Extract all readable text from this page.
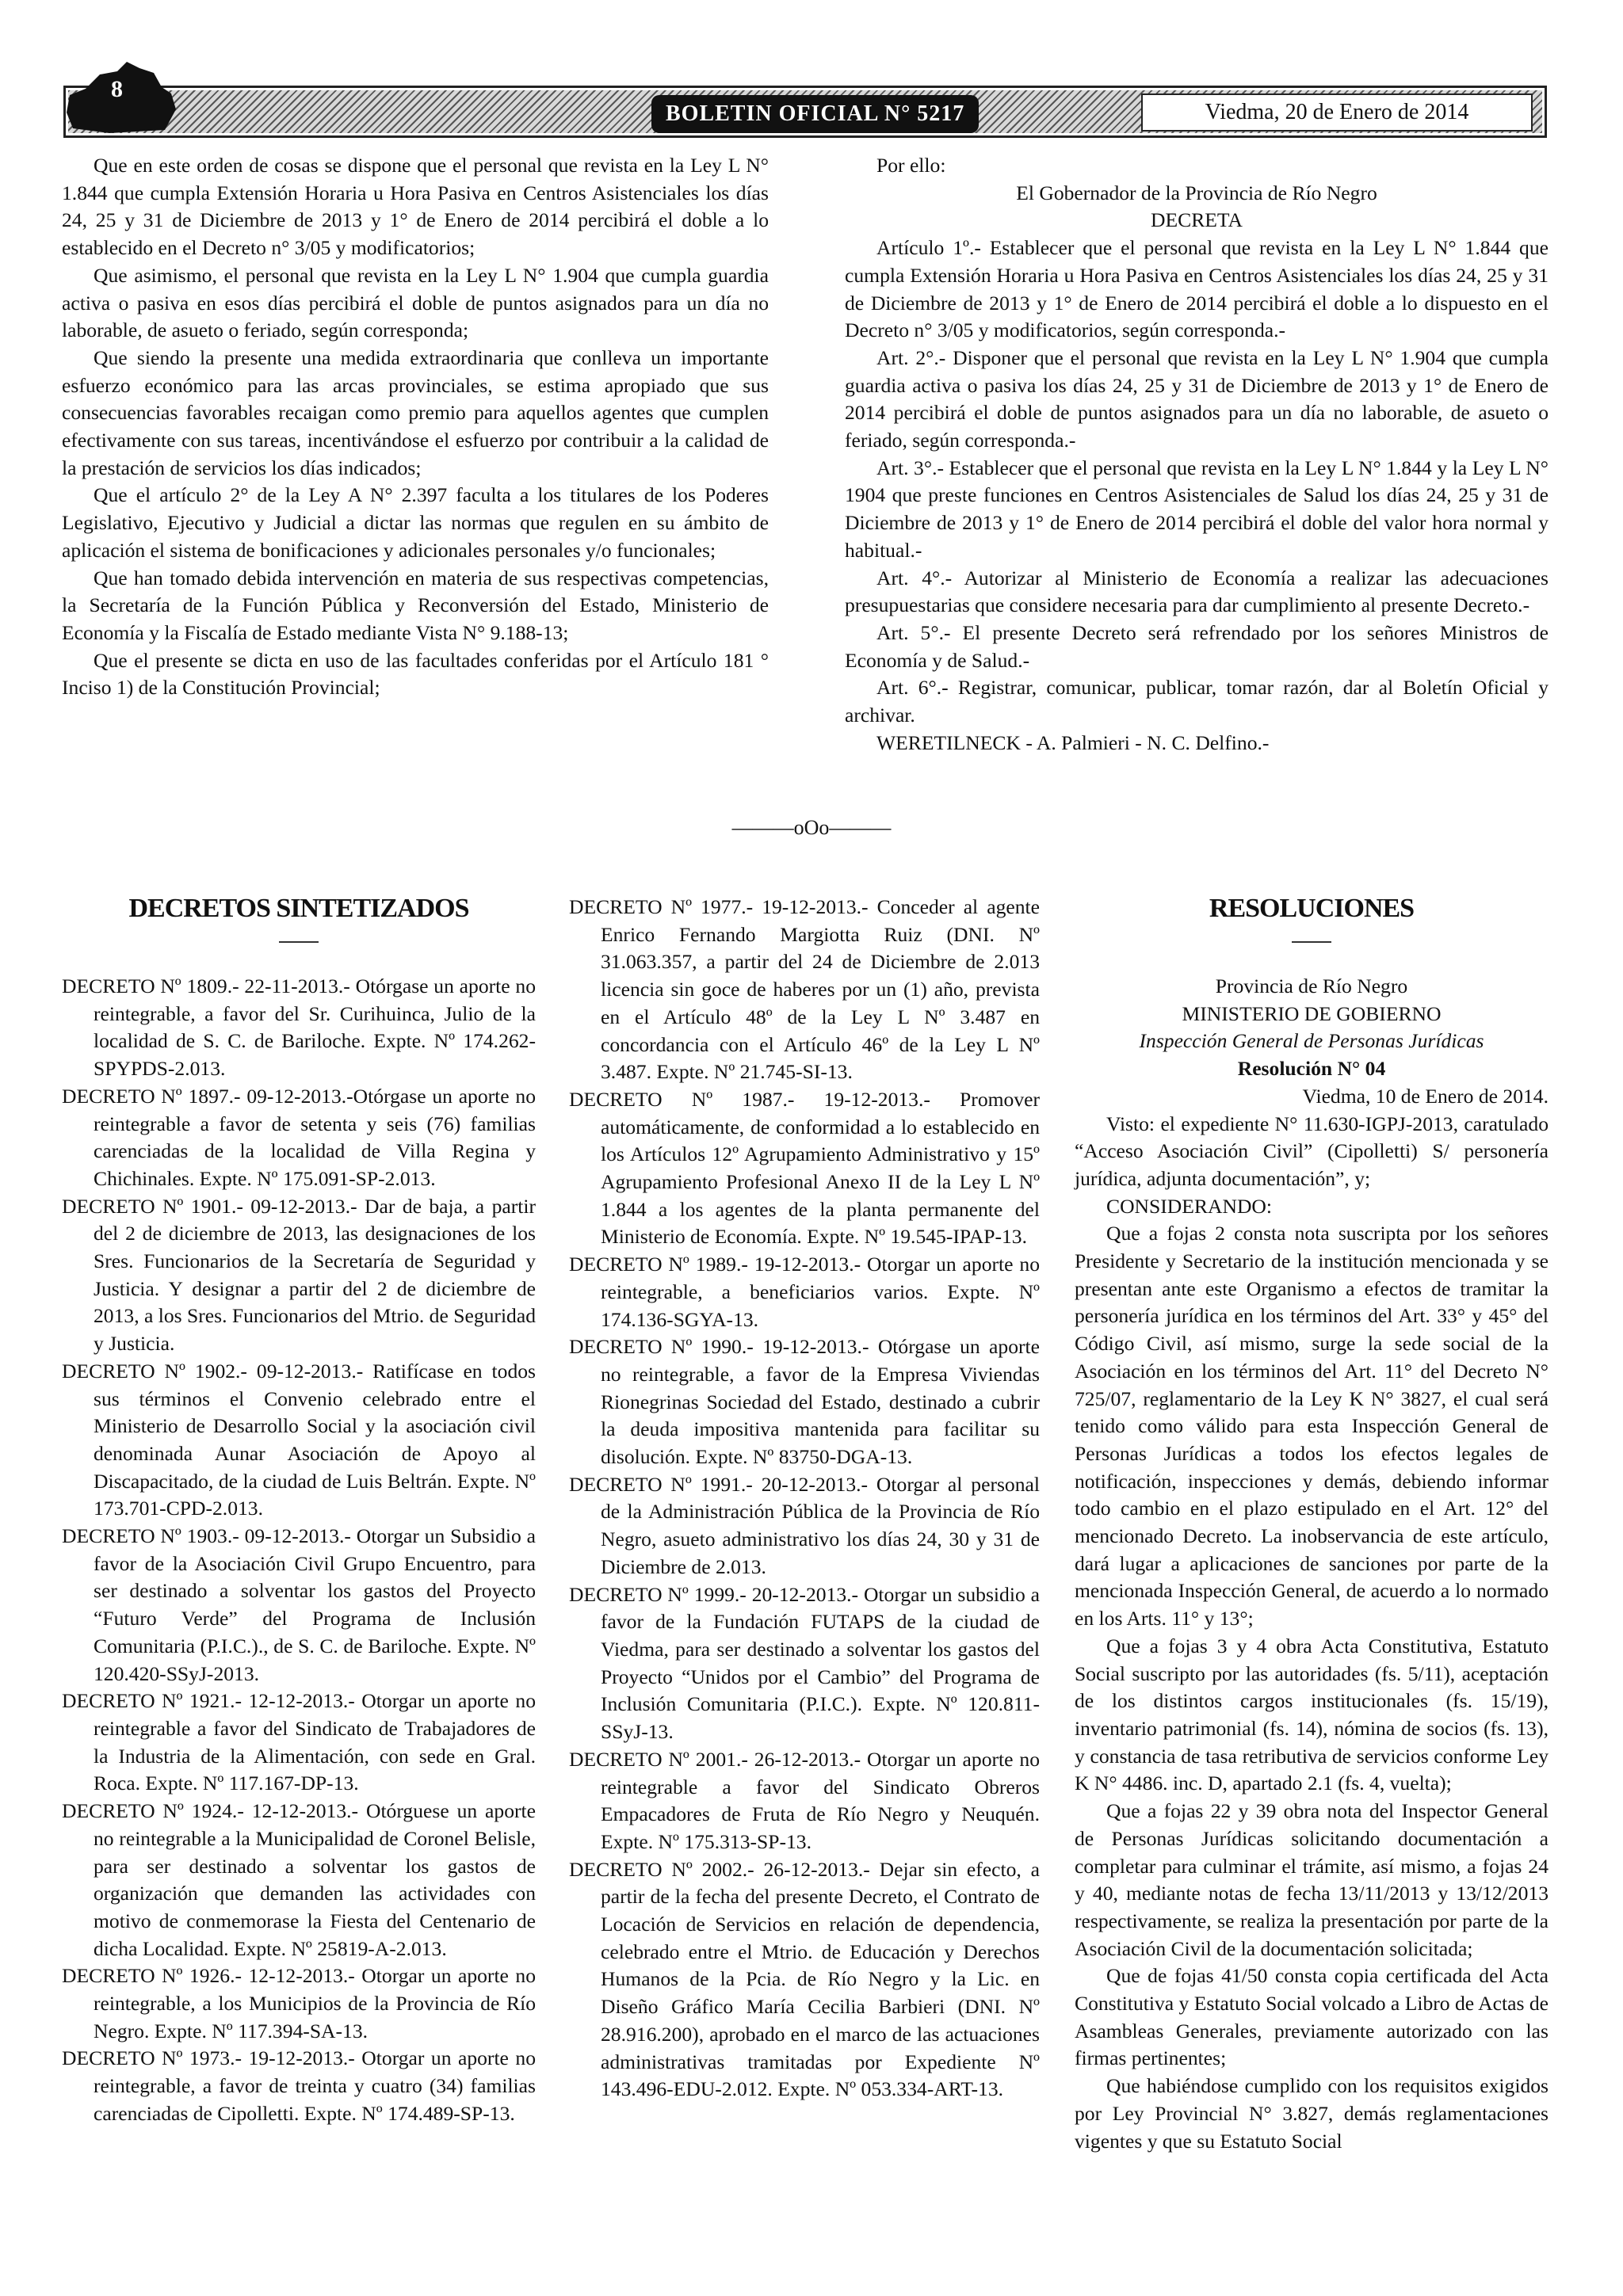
8
BOLETIN OFICIAL N° 5217	Viedma, 20 de Enero de 2014

Que en este orden de cosas se dispone que el personal que revista en la Ley L N° 1.844 que cumpla Extensión Horaria u Hora Pasiva en Centros Asistenciales los días 24, 25 y 31 de Diciembre de 2013 y 1° de Enero de 2014 percibirá el doble a lo establecido en el Decreto n° 3/05 y modificatorios;

Que asimismo, el personal que revista en la Ley L N° 1.904 que cumpla guardia activa o pasiva en esos días percibirá el doble de puntos asignados para un día no laborable, de asueto o feriado, según corresponda;

Que siendo la presente una medida extraordinaria que conlleva un importante esfuerzo económico para las arcas provinciales, se estima apropiado que sus consecuencias favorables recaigan como premio para aquellos agentes que cumplen efectivamente con sus tareas, incentivándose el esfuerzo por contribuir a la calidad de la prestación de servicios los días indicados;

Que el artículo 2° de la Ley A N° 2.397 faculta a los titulares de los Poderes Legislativo, Ejecutivo y Judicial a dictar las normas que regulen en su ámbito de aplicación el sistema de bonificaciones y adicionales personales y/o funcionales;

Que han tomado debida intervención en materia de sus respectivas competencias, la Secretaría de la Función Pública y Reconversión del Estado, Ministerio de Economía y la Fiscalía de Estado mediante Vista N° 9.188-13;

Que el presente se dicta en uso de las facultades conferidas por el Artículo 181 ° Inciso 1) de la Constitución Provincial;

Por ello:

El Gobernador de la Provincia de Río Negro

DECRETA

Artículo 1º.- Establecer que el personal que revista en la Ley L N° 1.844 que cumpla Extensión Horaria u Hora Pasiva en Centros Asistenciales los días 24, 25 y 31 de Diciembre de 2013 y 1° de Enero de 2014 percibirá el doble a lo dispuesto en el Decreto n° 3/05 y modificatorios, según corresponda.-

Art. 2°.- Disponer que el personal que revista en la Ley L N° 1.904 que cumpla guardia activa o pasiva los días 24, 25 y 31 de Diciembre de 2013 y 1° de Enero de 2014 percibirá el doble de puntos asignados para un día no laborable, de asueto o feriado, según corresponda.-

Art. 3°.- Establecer que el personal que revista en la Ley L N° 1.844 y la Ley L N° 1904 que preste funciones en Centros Asistenciales de Salud los días 24, 25 y 31 de Diciembre de 2013 y 1° de Enero de 2014 percibirá el doble del valor hora normal y habitual.-

Art. 4°.- Autorizar al Ministerio de Economía a realizar las adecuaciones presupuestarias que considere necesaria para dar cumplimiento al presente Decreto.-

Art. 5°.- El presente Decreto será refrendado por los señores Ministros de Economía y de Salud.-

Art. 6°.- Registrar, comunicar, publicar, tomar razón, dar al Boletín Oficial y archivar.

WERETILNECK - A. Palmieri - N. C. Delfino.-

———oOo———
DECRETOS SINTETIZADOS

DECRETO Nº 1809.- 22-11-2013.- Otórgase un aporte no reintegrable, a favor del Sr. Curihuinca, Julio de la localidad de S. C. de Bariloche. Expte. Nº 174.262-SPYPDS-2.013.

DECRETO Nº 1897.- 09-12-2013.-Otórgase un aporte no reintegrable a favor de setenta y seis (76) familias carenciadas de la localidad de Villa Regina y Chichinales. Expte. Nº 175.091-SP-2.013.

DECRETO Nº 1901.- 09-12-2013.- Dar de baja, a partir del 2 de diciembre de 2013, las designaciones de los Sres. Funcionarios de la Secretaría de Seguridad y Justicia. Y designar a partir del 2 de diciembre de 2013, a los Sres. Funcionarios del Mtrio. de Seguridad y Justicia.

DECRETO Nº 1902.- 09-12-2013.- Ratifícase en todos sus términos el Convenio celebrado entre el Ministerio de Desarrollo Social y la asociación civil denominada Aunar Asociación de Apoyo al Discapacitado, de la ciudad de Luis Beltrán. Expte. Nº 173.701-CPD-2.013.

DECRETO Nº 1903.- 09-12-2013.- Otorgar un Subsidio a favor de la Asociación Civil Grupo Encuentro, para ser destinado a solventar los gastos del Proyecto “Futuro Verde” del Programa de Inclusión Comunitaria (P.I.C.)., de S. C. de Bariloche. Expte. Nº 120.420-SSyJ-2013.

DECRETO Nº 1921.- 12-12-2013.- Otorgar un aporte no reintegrable a favor del Sindicato de Trabajadores de la Industria de la Alimentación, con sede en Gral. Roca. Expte. Nº 117.167-DP-13.

DECRETO Nº 1924.- 12-12-2013.- Otórguese un aporte no reintegrable a la Municipalidad de Coronel Belisle, para ser destinado a solventar los gastos de organización que demanden las actividades con motivo de conmemorase la Fiesta del Centenario de dicha Localidad. Expte. Nº 25819-A-2.013.

DECRETO Nº 1926.- 12-12-2013.- Otorgar un aporte no reintegrable, a los Municipios de la Provincia de Río Negro. Expte. Nº 117.394-SA-13.

DECRETO Nº 1973.- 19-12-2013.- Otorgar un aporte no reintegrable, a favor de treinta y cuatro (34) familias carenciadas de Cipolletti. Expte. Nº 174.489-SP-13.

DECRETO Nº 1977.- 19-12-2013.- Conceder al agente Enrico Fernando Margiotta Ruiz (DNI. Nº 31.063.357, a partir del 24 de Diciembre de 2.013 licencia sin goce de haberes por un (1) año, prevista en el Artículo 48º de la Ley L Nº 3.487 en concordancia con el Artículo 46º de la Ley L Nº 3.487. Expte. Nº 21.745-SI-13.

DECRETO Nº 1987.- 19-12-2013.- Promover automáticamente, de conformidad a lo establecido en los Artículos 12º Agrupamiento Administrativo y 15º Agrupamiento Profesional Anexo II de la Ley L Nº 1.844 a los agentes de la planta permanente del Ministerio de Economía. Expte. Nº 19.545-IPAP-13.

DECRETO Nº 1989.- 19-12-2013.- Otorgar un aporte no reintegrable, a beneficiarios varios. Expte. Nº 174.136-SGYA-13.

DECRETO Nº 1990.- 19-12-2013.- Otórgase un aporte no reintegrable, a favor de la Empresa Viviendas Rionegrinas Sociedad del Estado, destinado a cubrir la deuda impositiva mantenida para facilitar su disolución. Expte. Nº 83750-DGA-13.

DECRETO Nº 1991.- 20-12-2013.- Otorgar al personal de la Administración Pública de la Provincia de Río Negro, asueto administrativo los días 24, 30 y 31 de Diciembre de 2.013.

DECRETO Nº 1999.- 20-12-2013.- Otorgar un subsidio a favor de la Fundación FUTAPS de la ciudad de Viedma, para ser destinado a solventar los gastos del Proyecto “Unidos por el Cambio” del Programa de Inclusión Comunitaria (P.I.C.). Expte. Nº 120.811-SSyJ-13.

DECRETO Nº 2001.- 26-12-2013.- Otorgar un aporte no reintegrable a favor del Sindicato Obreros Empacadores de Fruta de Río Negro y Neuquén. Expte. Nº 175.313-SP-13.

DECRETO Nº 2002.- 26-12-2013.- Dejar sin efecto, a partir de la fecha del presente Decreto, el Contrato de Locación de Servicios en relación de dependencia, celebrado entre el Mtrio. de Educación y Derechos Humanos de la Pcia. de Río Negro y la Lic. en Diseño Gráfico María Cecilia Barbieri (DNI. Nº 28.916.200), aprobado en el marco de las actuaciones administrativas tramitadas por Expediente Nº 143.496-EDU-2.012. Expte. Nº 053.334-ART-13.

RESOLUCIONES

Provincia de Río Negro

MINISTERIO DE GOBIERNO

Inspección General de Personas Jurídicas

Resolución N° 04

Viedma, 10 de Enero de 2014.

Visto: el expediente N° 11.630-IGPJ-2013, caratulado “Acceso Asociación Civil” (Cipolletti) S/ personería jurídica, adjunta documentación”, y;

CONSIDERANDO:

Que a fojas 2 consta nota suscripta por los señores Presidente y Secretario de la institución mencionada y se presentan ante este Organismo a efectos de tramitar la personería jurídica en los términos del Art. 33° y 45° del Código Civil, así mismo, surge la sede social de la Asociación en los términos del Art. 11° del Decreto N° 725/07, reglamentario de la Ley K N° 3827, el cual será tenido como válido para esta Inspección General de Personas Jurídicas a todos los efectos legales de notificación, inspecciones y demás, debiendo informar todo cambio en el plazo estipulado en el Art. 12° del mencionado Decreto. La inobservancia de este artículo, dará lugar a aplicaciones de sanciones por parte de la mencionada Inspección General, de acuerdo a lo normado en los Arts. 11° y 13°;

Que a fojas 3 y 4 obra Acta Constitutiva, Estatuto Social suscripto por las autoridades (fs. 5/11), aceptación de los distintos cargos institucionales (fs. 15/19), inventario patrimonial (fs. 14), nómina de socios (fs. 13), y constancia de tasa retributiva de servicios conforme Ley K N° 4486. inc. D, apartado 2.1 (fs. 4, vuelta);

Que a fojas 22 y 39 obra nota del Inspector General de Personas Jurídicas solicitando documentación a completar para culminar el trámite, así mismo, a fojas 24 y 40, mediante notas de fecha 13/11/2013 y 13/12/2013 respectivamente, se realiza la presentación por parte de la Asociación Civil de la documentación solicitada;

Que de fojas 41/50 consta copia certificada del Acta Constitutiva y Estatuto Social volcado a Libro de Actas de Asambleas Generales, previamente autorizado con las firmas pertinentes;

Que habiéndose cumplido con los requisitos exigidos por Ley Provincial N° 3.827, demás reglamentaciones vigentes y que su Estatuto Social
